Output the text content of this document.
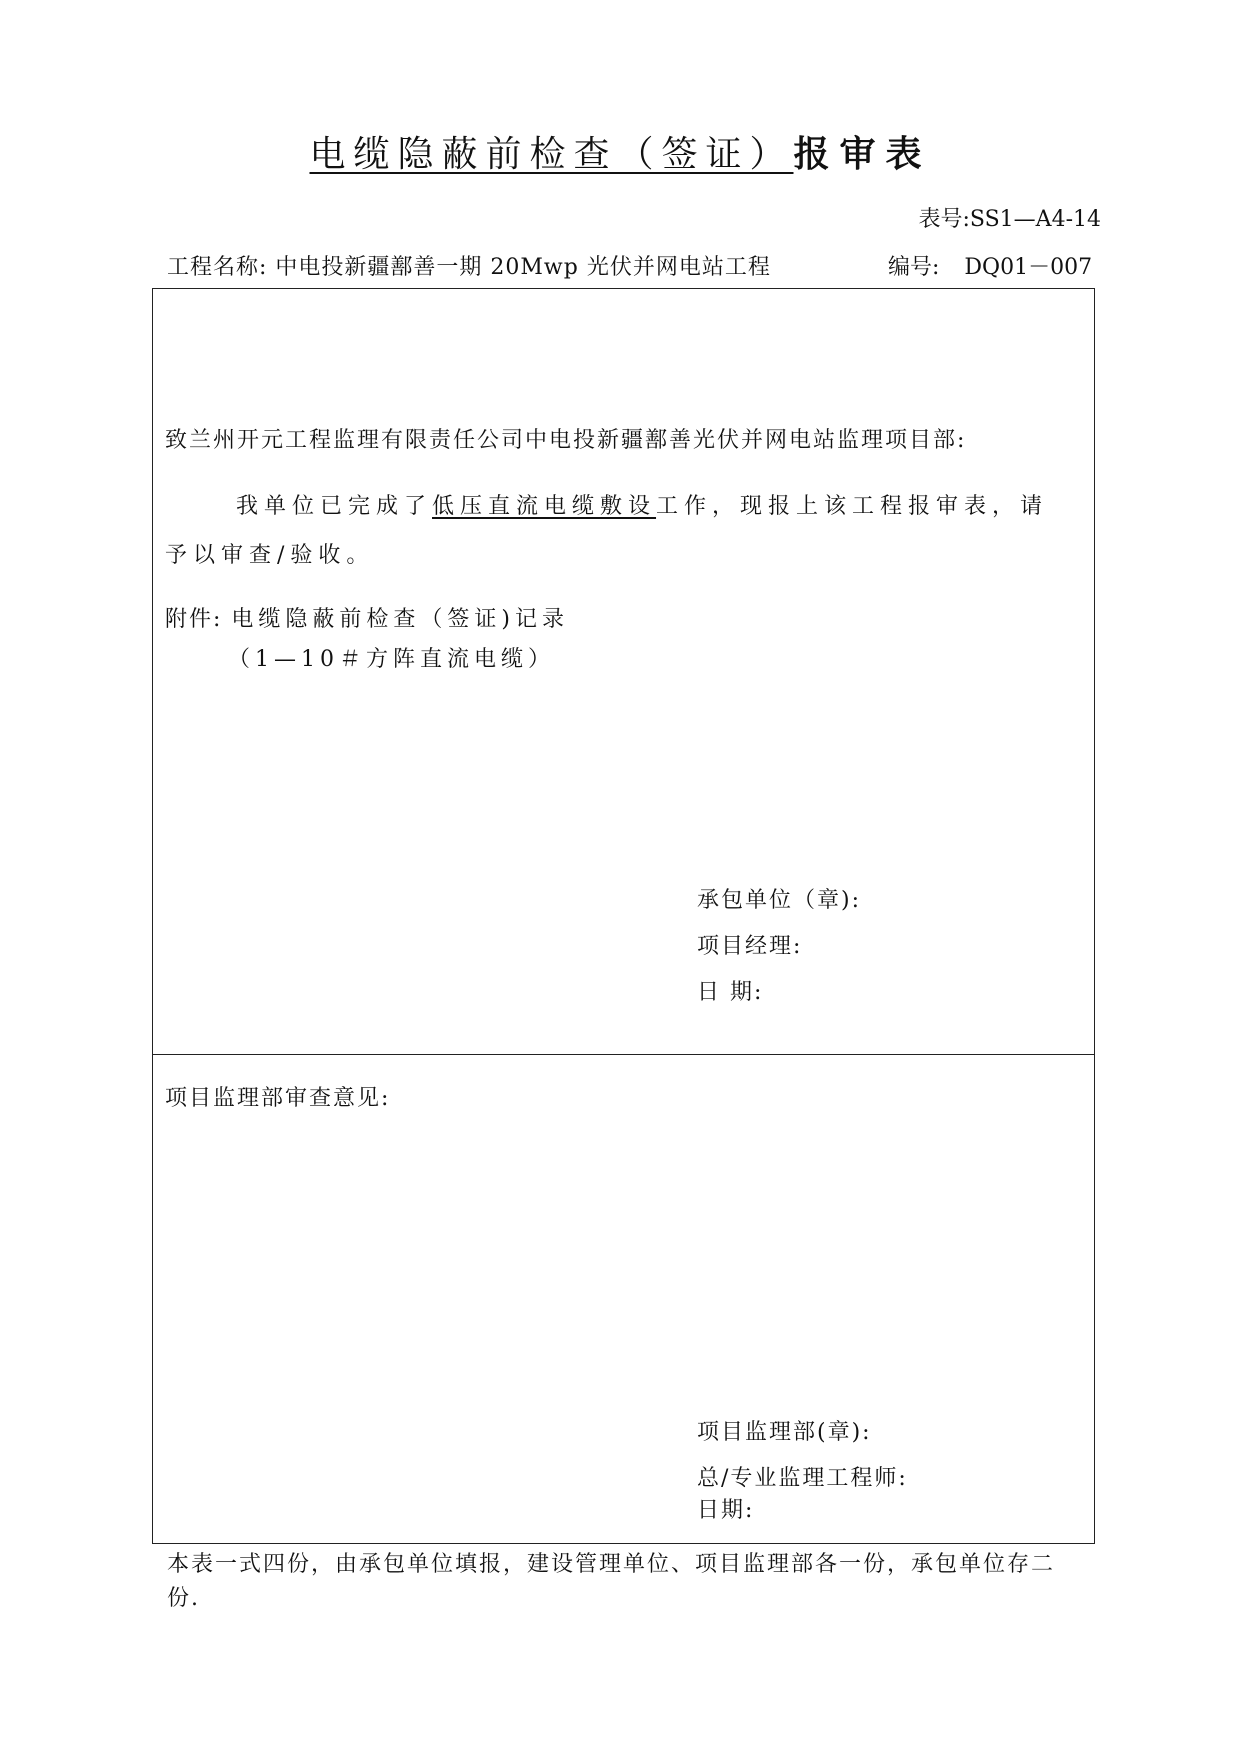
电缆隐蔽前检查（签证）报审表
表号:SS1—A4-14
工程名称: 中电投新疆鄯善一期 20Mwp 光伏并网电站工程	编号: DQ01－007
致兰州开元工程监理有限责任公司中电投新疆鄯善光伏并网电站监理项目部:
我单位已完成了低压直流电缆敷设工作，现报上该工程报审表，请
予以审查/验收。
附件: 电缆隐蔽前检查（签证)记录
（1—10＃方阵直流电缆）
承包单位（章):
项目经理:
日 期:
项目监理部审查意见:
项目监理部(章):
总/专业监理工程师:
日期:
本表一式四份，由承包单位填报，建设管理单位、项目监理部各一份，承包单位存二份.
